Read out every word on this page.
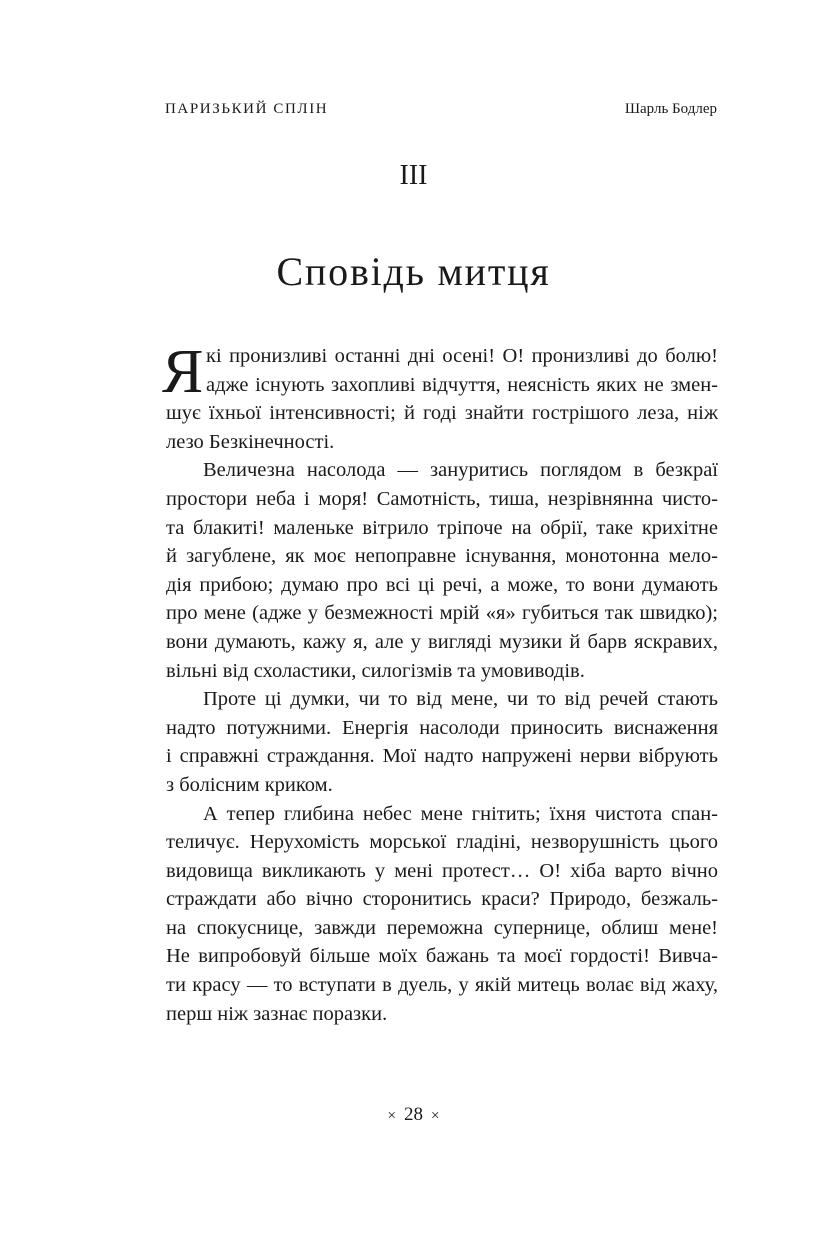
ПАРИЗЬКИЙ СПЛІН	Шарль Бодлер
III
Сповідь митця
Я кі пронизливі останні дні осені! О! пронизливі до болю!
адже існують захопливі відчуття, неясність яких не змен-
шує їхньої інтенсивності; й годі знайти гострішого леза, ніж
лезо Безкінечності.
Величезна насолода — зануритись поглядом в безкраї
простори неба і моря! Самотність, тиша, незрівнянна чисто-
та блакиті! маленьке вітрило тріпоче на обрії, таке крихітне
й загублене, як моє непоправне існування, монотонна мело-
дія прибою; думаю про всі ці речі, а може, то вони думають
про мене (адже у безмежності мрій «я» губиться так швидко);
вони думають, кажу я, але у вигляді музики й барв яскравих,
вільні від схоластики, силогізмів та умовиводів.
Проте ці думки, чи то від мене, чи то від речей стають
надто потужними. Енергія насолоди приносить виснаження
і справжні страждання. Мої надто напружені нерви вібрують
з болісним криком.
А тепер глибина небес мене гнітить; їхня чистота спан-
теличує. Нерухомість морської гладіні, незворушність цього
видовища викликають у мені протест… О! хіба варто вічно
страждати або вічно сторонитись краси? Природо, безжаль-
на спокуснице, завжди переможна супернице, облиш мене!
Не випробовуй більше моїх бажань та моєї гордості! Вивча-
ти красу — то вступати в дуель, у якій митець волає від жаху,
перш ніж зазнає поразки.
× 28 ×
